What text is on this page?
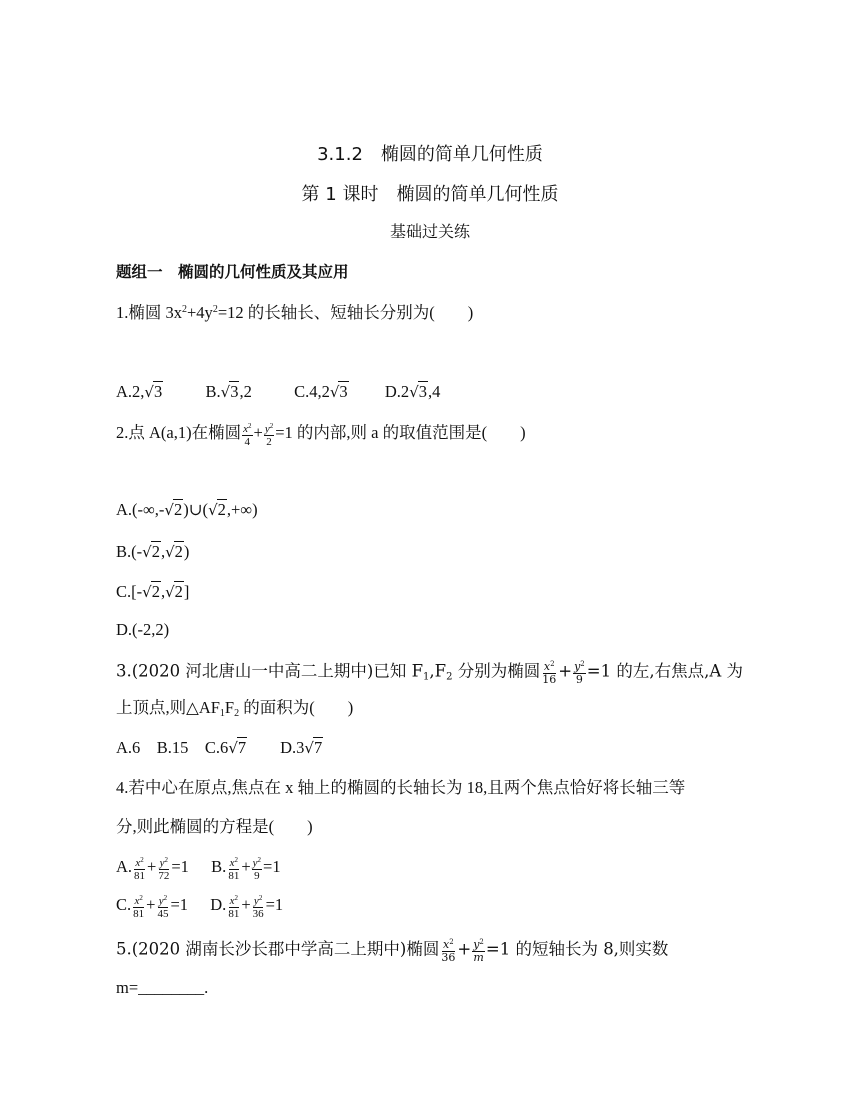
3.1.2　椭圆的简单几何性质
第 1 课时　椭圆的简单几何性质
基础过关练
题组一　椭圆的几何性质及其应用
1.椭圆 $3x^2+4y^2=12$ 的长轴长、短轴长分别为(　　)
A.2,√3	B.√3,2	C.4,2√3 D.2√3,4
2.点 A(a,1)在椭圆 $\frac{x^2}{4} + \frac{y^2}{2} =1$ 的内部,则 a 的取值范围是(　　)
A.(-∞,-√2)∪(√2,+∞)
B.(-√2,√2)
C.[-√2,√2]
D.(-2,2)
3.(2020 河北唐山一中高二上期中)已知 $F_1,F_2$ 分别为椭圆 $\frac{x^2}{16} + \frac{y^2}{9} =1$ 的左,右焦点,A 为
上顶点,则$\triangle AF_1F_2$ 的面积为(　　)
A.6　B.15　C.6√7　　D.3√7
4.若中心在原点,焦点在 x 轴上的椭圆的长轴长为 18,且两个焦点恰好将长轴三等
分,则此椭圆的方程是(　　)
A. $\frac{x^2}{81} + \frac{y^2}{72} =1$ B. $\frac{x^2}{81} + \frac{y^2}{9} =1$
C. $\frac{x^2}{81} + \frac{y^2}{45} =1$ D. $\frac{x^2}{81} + \frac{y^2}{36} =1$
5.(2020 湖南长沙长郡中学高二上期中)椭圆 $\frac{x^2}{36} + \frac{y^2}{m} =1$ 的短轴长为 8,则实数
m=________.
